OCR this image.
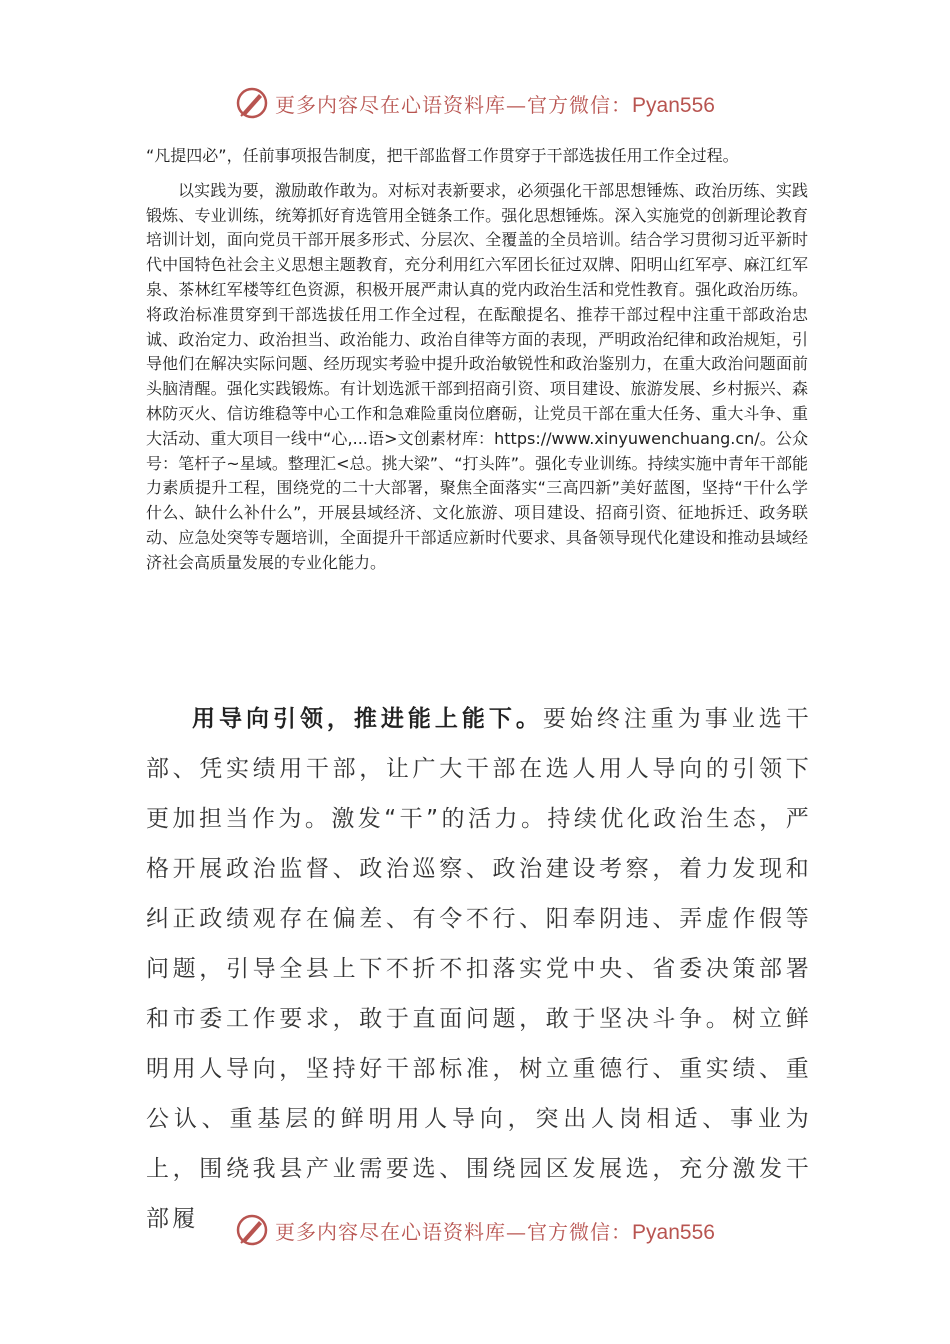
更多内容尽在心语资料库—官方微信：Pyan556

“凡提四必”，任前事项报告制度，把干部监督工作贯穿于干部选拔任用工作全过程。

以实践为要，激励敢作敢为。对标对表新要求，必须强化干部思想锤炼、政治历练、实践锻炼、专业训练，统筹抓好育选管用全链条工作。强化思想锤炼。深入实施党的创新理论教育培训计划，面向党员干部开展多形式、分层次、全覆盖的全员培训。结合学习贯彻习近平新时代中国特色社会主义思想主题教育，充分利用红六军团长征过双牌、阳明山红军亭、麻江红军泉、茶林红军楼等红色资源，积极开展严肃认真的党内政治生活和党性教育。强化政治历练。将政治标准贯穿到干部选拔任用工作全过程，在酝酿提名、推荐干部过程中注重干部政治忠诚、政治定力、政治担当、政治能力、政治自律等方面的表现，严明政治纪律和政治规矩，引导他们在解决实际问题、经历现实考验中提升政治敏锐性和政治鉴别力，在重大政治问题面前头脑清醒。强化实践锻炼。有计划选派干部到招商引资、项目建设、旅游发展、乡村振兴、森林防灭火、信访维稳等中心工作和急难险重岗位磨砺，让党员干部在重大任务、重大斗争、重大活动、重大项目一线中“心,...语>文创素材库：https://www.xinyuwenchuang.cn/。公众号：笔杆子~星域。整理汇<总。挑大梁”、“打头阵”。强化专业训练。持续实施中青年干部能力素质提升工程，围绕党的二十大部署，聚焦全面落实“三高四新”美好蓝图，坚持“干什么学什么、缺什么补什么”，开展县域经济、文化旅游、项目建设、招商引资、征地拆迁、政务联动、应急处突等专题培训，全面提升干部适应新时代要求、具备领导现代化建设和推动县域经济社会高质量发展的专业化能力。

用导向引领，推进能上能下。要始终注重为事业选干部、凭实绩用干部，让广大干部在选人用人导向的引领下更加担当作为。激发“干”的活力。持续优化政治生态，严格开展政治监督、政治巡察、政治建设考察，着力发现和纠正政绩观存在偏差、有令不行、阳奉阴违、弄虚作假等问题，引导全县上下不折不扣落实党中央、省委决策部署和市委工作要求，敢于直面问题，敢于坚决斗争。树立鲜明用人导向，坚持好干部标准，树立重德行、重实绩、重公认、重基层的鲜明用人导向，突出人岗相适、事业为上，围绕我县产业需要选、围绕园区发展选，充分激发干部履	更多内容尽在心语资料库—官方微信：Pyan556
